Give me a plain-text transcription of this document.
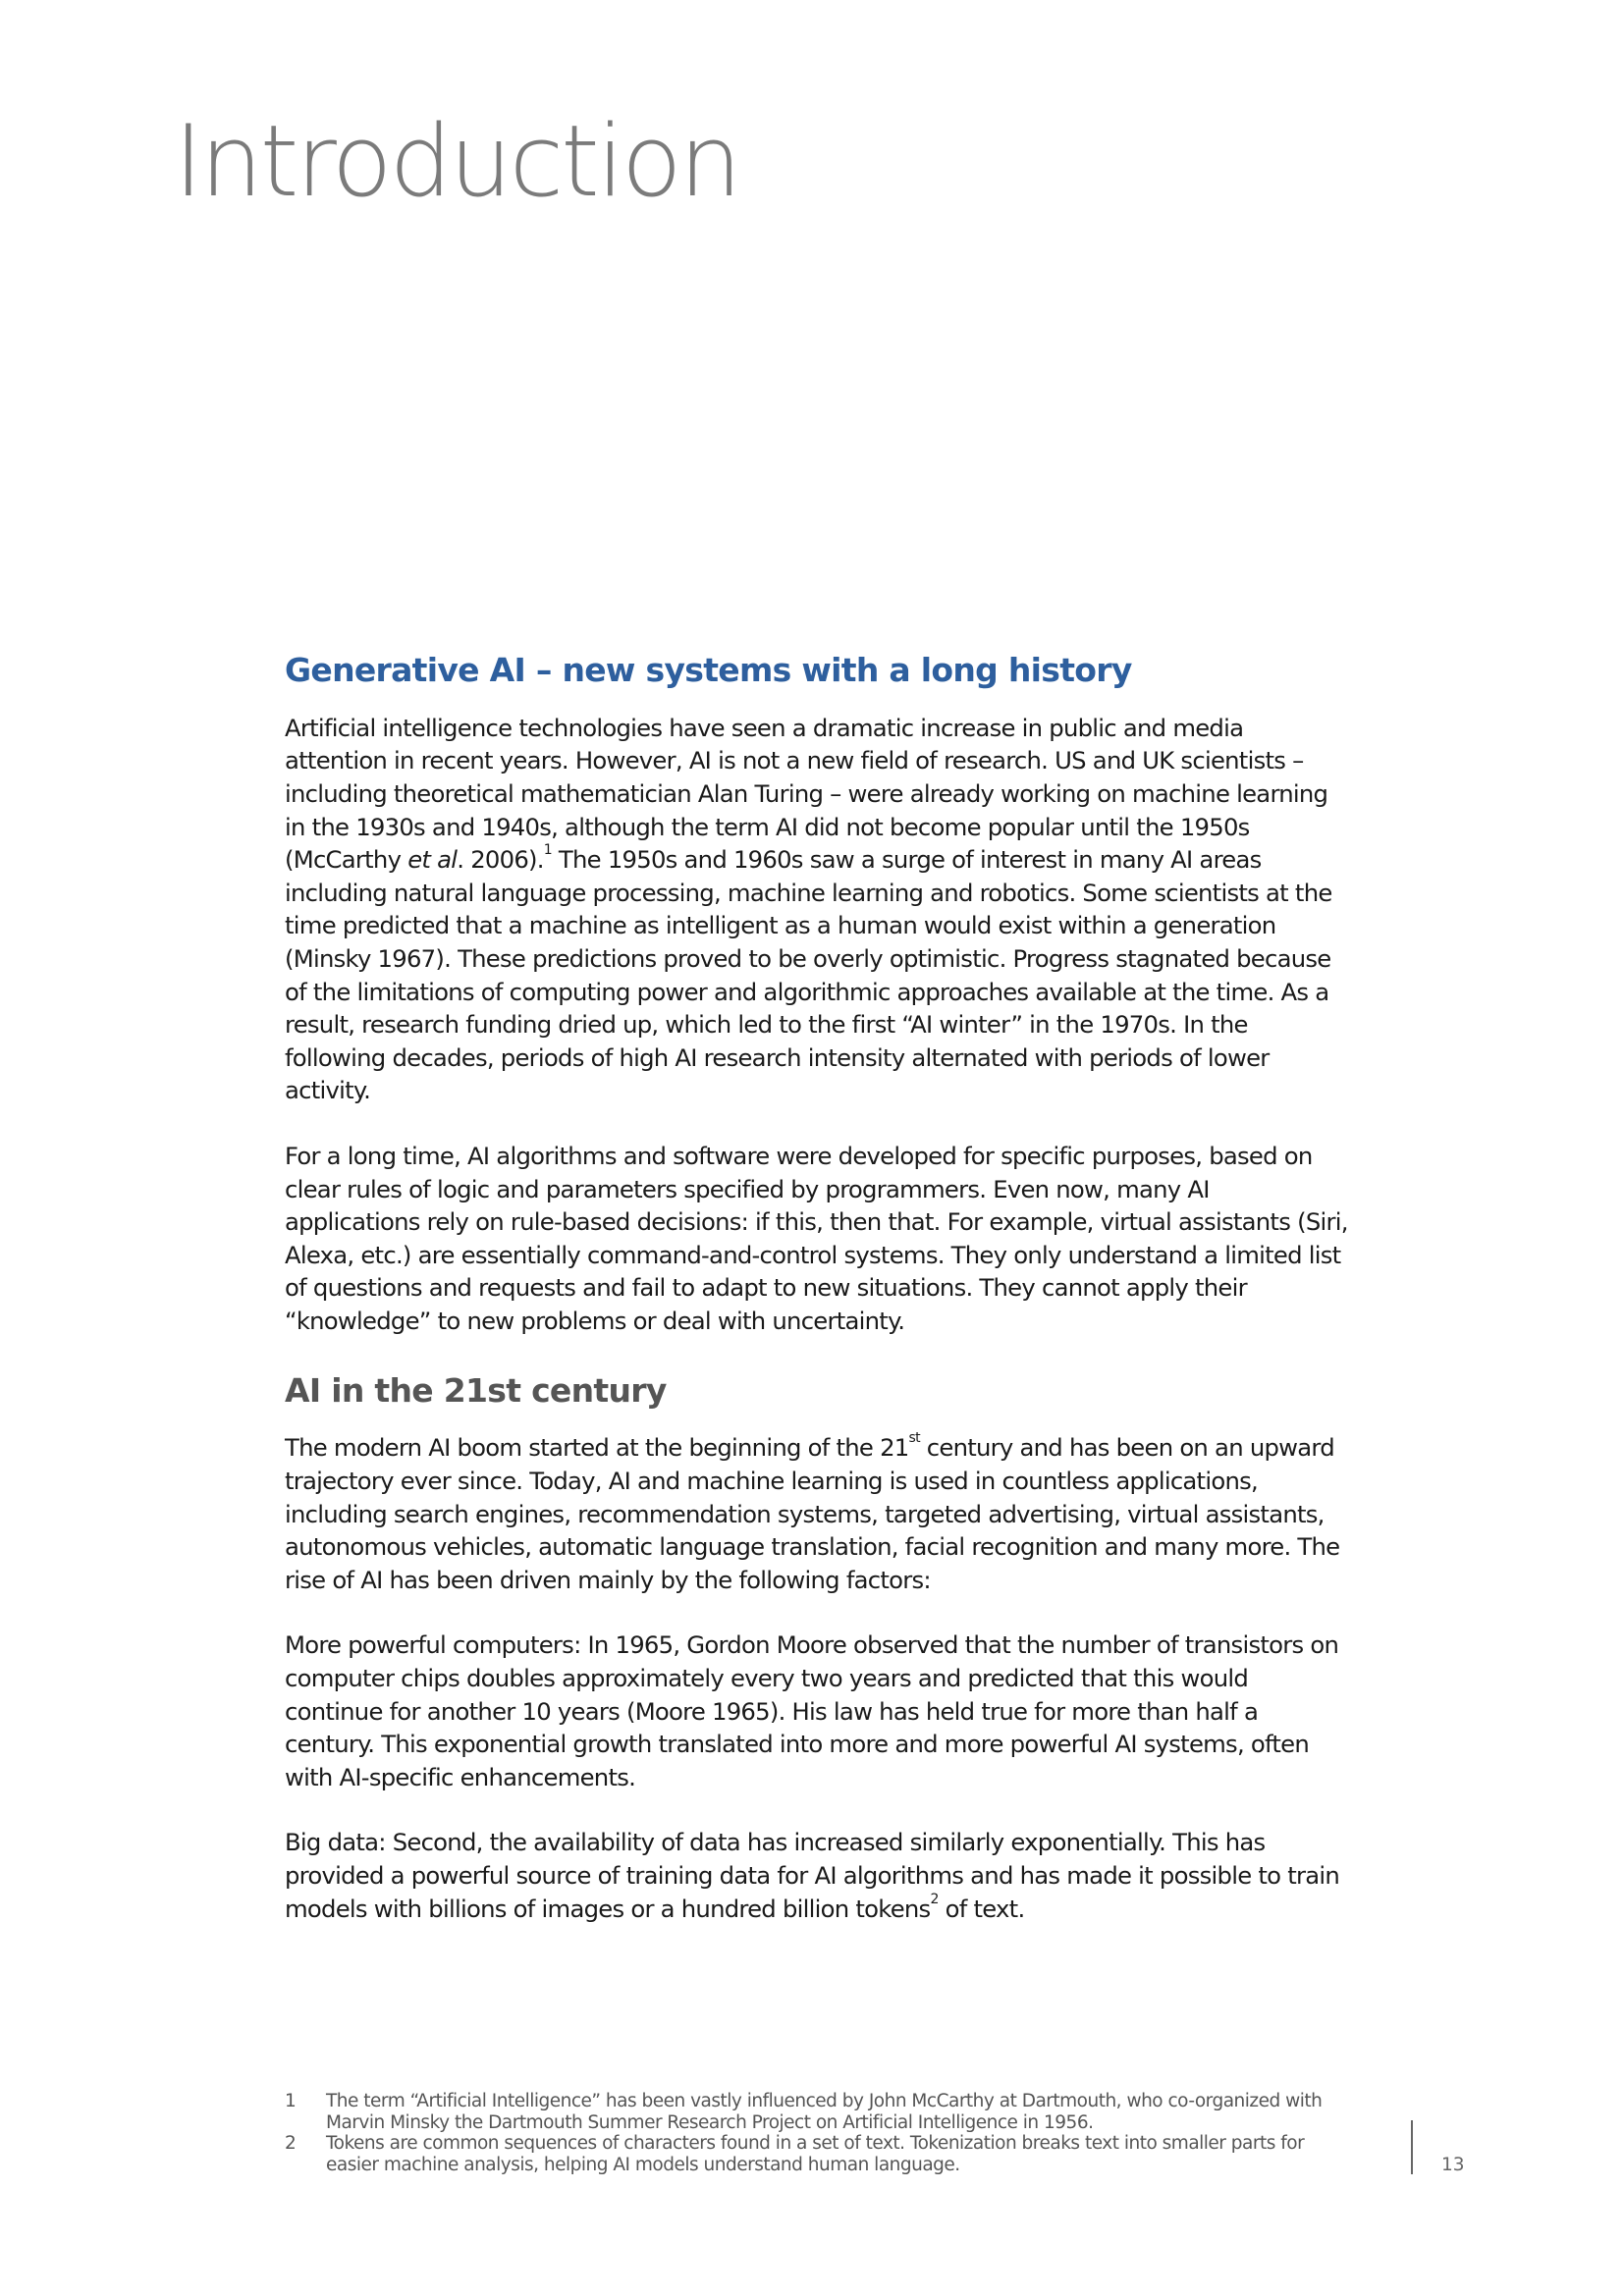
Introduction
Generative AI – new systems with a long history

Artificial intelligence technologies have seen a dramatic increase in public and media attention in recent years. However, AI is not a new field of research. US and UK scientists – including theoretical mathematician Alan Turing – were already working on machine learning in the 1930s and 1940s, although the term AI did not become popular until the 1950s (McCarthy et al. 2006).$^1$ The 1950s and 1960s saw a surge of interest in many AI areas including natural language processing, machine learning and robotics. Some scientists at the time predicted that a machine as intelligent as a human would exist within a generation (Minsky 1967). These predictions proved to be overly optimistic. Progress stagnated because of the limitations of computing power and algorithmic approaches available at the time. As a result, research funding dried up, which led to the first “AI winter” in the 1970s. In the following decades, periods of high AI research intensity alternated with periods of lower activity.

For a long time, AI algorithms and software were developed for specific purposes, based on clear rules of logic and parameters specified by programmers. Even now, many AI applications rely on rule-based decisions: if this, then that. For example, virtual assistants (Siri, Alexa, etc.) are essentially command-and-control systems. They only understand a limited list of questions and requests and fail to adapt to new situations. They cannot apply their “knowledge” to new problems or deal with uncertainty.

AI in the 21st century

The modern AI boom started at the beginning of the 21st century and has been on an upward trajectory ever since. Today, AI and machine learning is used in countless applications, including search engines, recommendation systems, targeted advertising, virtual assistants, autonomous vehicles, automatic language translation, facial recognition and many more. The rise of AI has been driven mainly by the following factors:

More powerful computers: In 1965, Gordon Moore observed that the number of transistors on computer chips doubles approximately every two years and predicted that this would continue for another 10 years (Moore 1965). His law has held true for more than half a century. This exponential growth translated into more and more powerful AI systems, often with AI-specific enhancements.

Big data: Second, the availability of data has increased similarly exponentially. This has provided a powerful source of training data for AI algorithms and has made it possible to train models with billions of images or a hundred billion tokens$^2$ of text.

1	The term “Artificial Intelligence” has been vastly influenced by John McCarthy at Dartmouth, who co-organized with Marvin Minsky the Dartmouth Summer Research Project on Artificial Intelligence in 1956.
2	Tokens are common sequences of characters found in a set of text. Tokenization breaks text into smaller parts for easier machine analysis, helping AI models understand human language.	13
